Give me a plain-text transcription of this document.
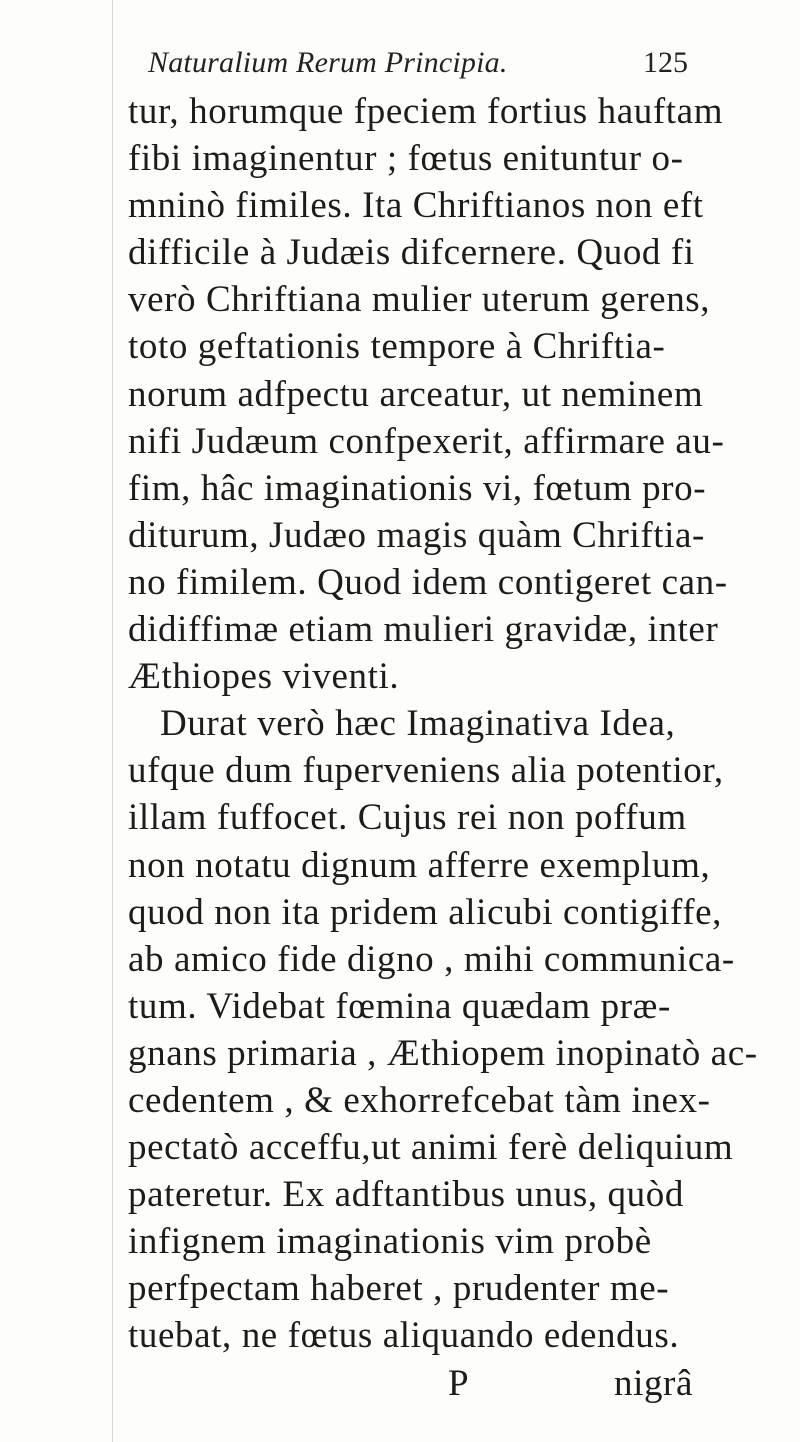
Naturalium Rerum Principia.	125
tur, horumque fpeciem fortius hauftam
fibi imaginentur ; fœtus enituntur o-
mninò fimiles. Ita Chriftianos non eft
difficile à Judæis difcernere. Quod fi
verò Chriftiana mulier uterum gerens,
toto geftationis tempore à Chriftia-
norum adfpectu arceatur, ut neminem
nifi Judæum confpexerit, affirmare au-
fim, hâc imaginationis vi, fœtum pro-
diturum, Judæo magis quàm Chriftia-
no fimilem. Quod idem contigeret can-
didiffimæ etiam mulieri gravidæ, inter
Æthiopes viventi.
Durat verò hæc Imaginativa Idea,
ufque dum fuperveniens alia potentior,
illam fuffocet. Cujus rei non poffum
non notatu dignum afferre exemplum,
quod non ita pridem alicubi contigiffe,
ab amico fide digno , mihi communica-
tum. Videbat fœmina quædam præ-
gnans primaria , Æthiopem inopinatò ac-
cedentem , & exhorrefcebat tàm inex-
pectatò acceffu,ut animi ferè deliquium
pateretur. Ex adftantibus unus, quòd
infignem imaginationis vim probè
perfpectam haberet , prudenter me-
tuebat, ne fœtus aliquando edendus.
P	nigrâ
